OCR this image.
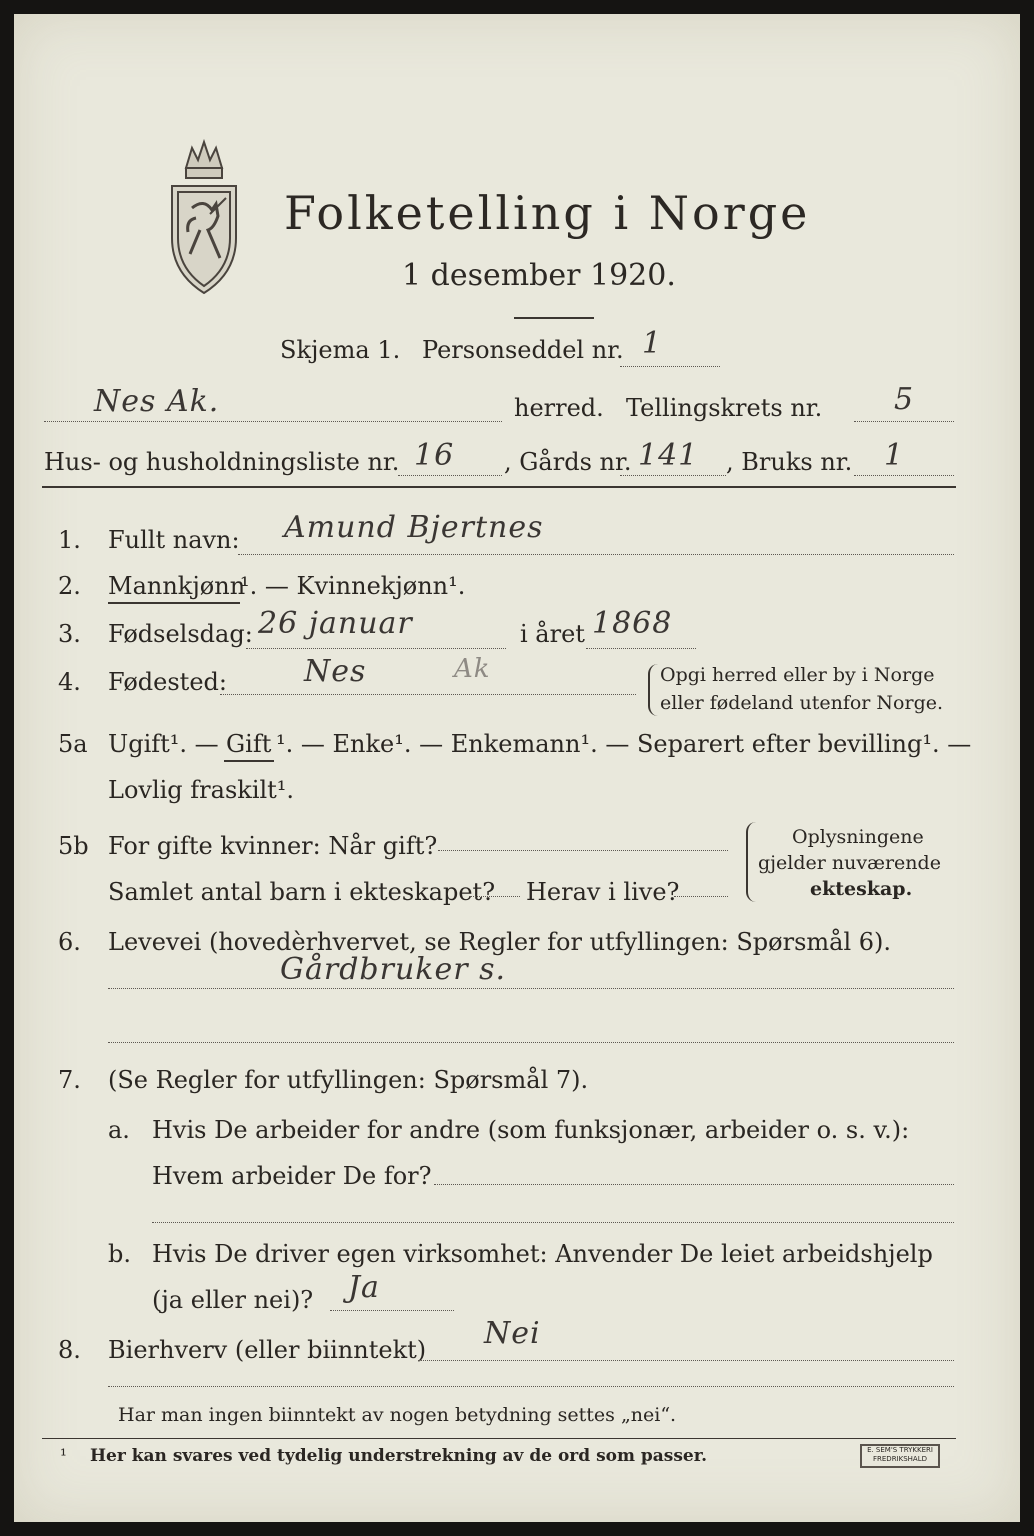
Folketelling i Norge
1 desember 1920.
Skjema 1. Personseddel nr. 1
Nes Ak.	herred. Tellingskrets nr. 5
Hus- og husholdningsliste nr. 16 , Gårds nr. 141 , Bruks nr. 1
1. Fullt navn: Amund Bjertnes
2. Mannkjønn
¹. — Kvinnekjønn¹.
3. Fødselsdag: 26 januar	i året 1868
4. Fødested:	Nes	Ak	Opgi herred eller by i Norge
eller fødeland utenfor Norge.
5a Ugift¹. — Gift ¹. — Enke¹. — Enkemann¹. — Separert efter bevilling¹. —
Lovlig fraskilt¹.
5b For gifte kvinner: Når gift?
Samlet antal barn i ekteskapet? Herav i live?
Oplysningene
gjelder nuværende
ekteskap.
6. Levevei (hovedèrhvervet, se Regler for utfyllingen: Spørsmål 6).
Gårdbruker s.
7. (Se Regler for utfyllingen: Spørsmål 7).
a. Hvis De arbeider for andre (som funksjonær, arbeider o. s. v.):
Hvem arbeider De for?
b. Hvis De driver egen virksomhet: Anvender De leiet arbeidshjelp
(ja eller nei)? Ja
8. Bierhverv (eller biinntekt) Nei
Har man ingen biinntekt av nogen betydning settes „nei“.
¹ Her kan svares ved tydelig understrekning av de ord som passer.	E. SEM'S TRYKKERI FREDRIKSHALD
